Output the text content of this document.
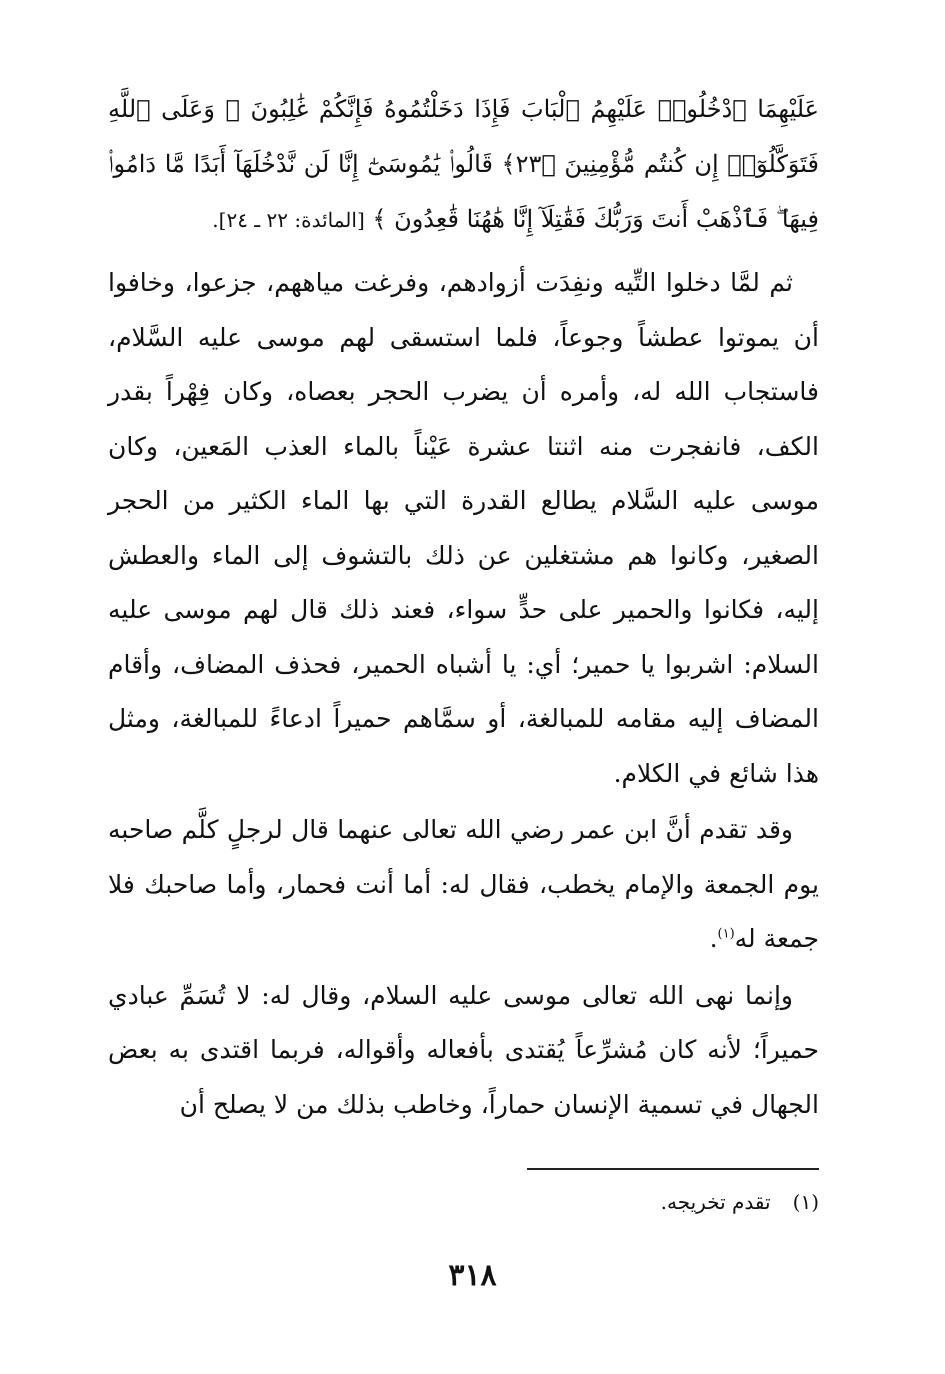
عَلَيْهِمَا ٱدْخُلُوا۟ عَلَيْهِمُ ٱلْبَابَ فَإِذَا دَخَلْتُمُوهُ فَإِنَّكُمْ غَٰلِبُونَ ۚ وَعَلَى ٱللَّهِ فَتَوَكَّلُوٓا۟ إِن كُنتُم مُّؤْمِنِينَ ﴿٢٣﴾ قَالُوا۟ يَٰمُوسَىٰٓ إِنَّا لَن نَّدْخُلَهَآ أَبَدًا مَّا دَامُوا۟ فِيهَا ۖ فَٱذْهَبْ أَنتَ وَرَبُّكَ فَقَٰتِلَآ إِنَّا هَٰهُنَا قَٰعِدُونَ ﴾ [المائدة: ٢٢ ـ ٢٤].

ثم لمَّا دخلوا التِّيه ونفِدَت أزوادهم، وفرغت مياههم، جزعوا، وخافوا أن يموتوا عطشاً وجوعاً، فلما استسقى لهم موسى عليه السَّلام، فاستجاب الله له، وأمره أن يضرب الحجر بعصاه، وكان فِهْراً بقدر الكف، فانفجرت منه اثنتا عشرة عَيْناً بالماء العذب المَعين، وكان موسى عليه السَّلام يطالع القدرة التي بها الماء الكثير من الحجر الصغير، وكانوا هم مشتغلين عن ذلك بالتشوف إلى الماء والعطش إليه، فكانوا والحمير على حدٍّ سواء، فعند ذلك قال لهم موسى عليه السلام: اشربوا يا حمير؛ أي: يا أشباه الحمير، فحذف المضاف، وأقام المضاف إليه مقامه للمبالغة، أو سمَّاهم حميراً ادعاءً للمبالغة، ومثل هذا شائع في الكلام.

وقد تقدم أنَّ ابن عمر رضي الله تعالى عنهما قال لرجلٍ كلَّم صاحبه يوم الجمعة والإمام يخطب، فقال له: أما أنت فحمار، وأما صاحبك فلا جمعة له$^{(١)}$.

وإنما نهى الله تعالى موسى عليه السلام، وقال له: لا تُسَمِّ عبادي حميراً؛ لأنه كان مُشرِّعاً يُقتدى بأفعاله وأقواله، فربما اقتدى به بعض الجهال في تسمية الإنسان حماراً، وخاطب بذلك من لا يصلح أن

(١)تقدم تخريجه.
٣١٨
